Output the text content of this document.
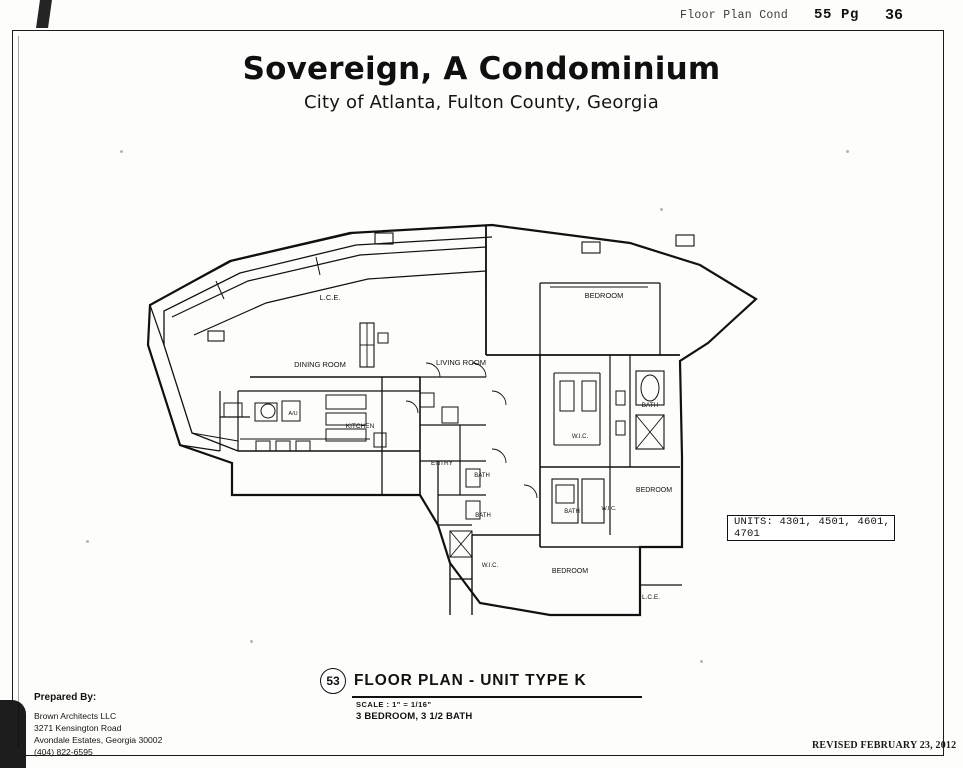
Floor Plan Cond 55 Pg 36
Sovereign, A Condominium
City of Atlanta, Fulton County, Georgia
L.C.E.
DINING ROOM	LIVING ROOM
BEDROOM
BATH
W.I.C.
KITCHEN
ENTRY
BATH
BATH
BATH	W.I.C.
BEDROOM
W.I.C.
BEDROOM
L.C.E.
A/U
UNITS: 4301, 4501, 4601, 4701
53 FLOOR PLAN - UNIT TYPE K
SCALE : 1" = 1/16"
3 BEDROOM, 3 1/2 BATH
Prepared By:
Brown Architects LLC
3271 Kensington Road
Avondale Estates, Georgia 30002
(404) 822-6595
REVISED FEBRUARY 23, 2012
